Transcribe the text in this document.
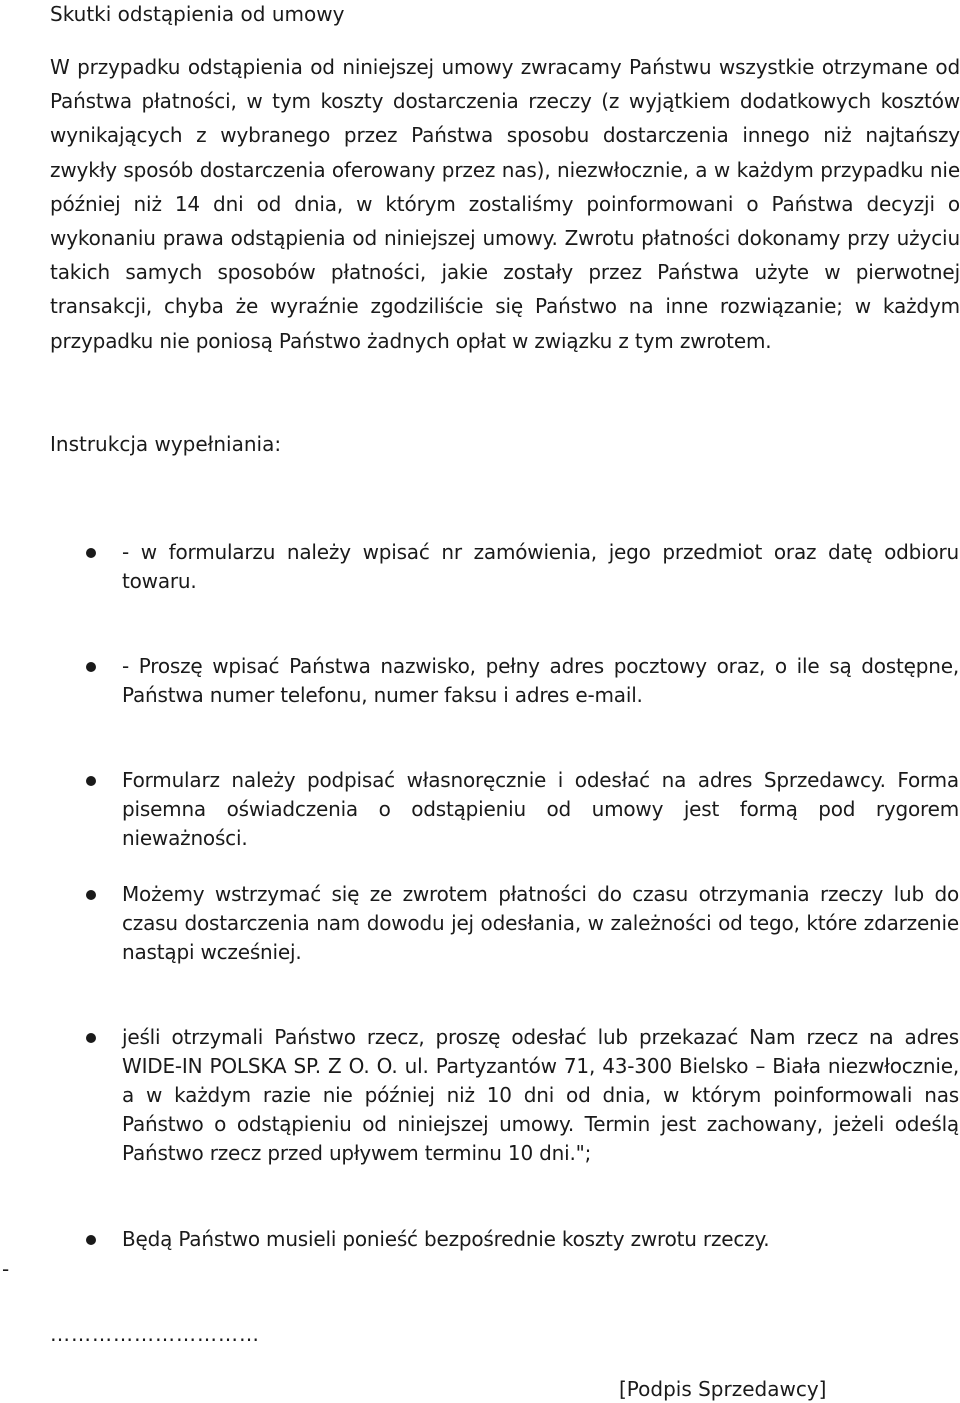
Skutki odstąpienia od umowy
W przypadku odstąpienia od niniejszej umowy zwracamy Państwu wszystkie otrzymane od Państwa płatności, w tym koszty dostarczenia rzeczy (z wyjątkiem dodatkowych kosztów wynikających z wybranego przez Państwa sposobu dostarczenia innego niż najtańszy zwykły sposób dostarczenia oferowany przez nas), niezwłocznie, a w każdym przypadku nie później niż 14 dni od dnia, w którym zostaliśmy poinformowani o Państwa decyzji o wykonaniu prawa odstąpienia od niniejszej umowy. Zwrotu płatności dokonamy przy użyciu takich samych sposobów płatności, jakie zostały przez Państwa użyte w pierwotnej transakcji, chyba że wyraźnie zgodziliście się Państwo na inne rozwiązanie; w każdym przypadku nie poniosą Państwo żadnych opłat w związku z tym zwrotem.
Instrukcja wypełniania:
- w formularzu należy wpisać nr zamówienia, jego przedmiot oraz datę odbioru towaru.
- Proszę wpisać Państwa nazwisko, pełny adres pocztowy oraz, o ile są dostępne, Państwa numer telefonu, numer faksu i adres e-mail.
Formularz należy podpisać własnoręcznie i odesłać na adres Sprzedawcy. Forma pisemna oświadczenia o odstąpieniu od umowy jest formą pod rygorem nieważności.
Możemy wstrzymać się ze zwrotem płatności do czasu otrzymania rzeczy lub do czasu dostarczenia nam dowodu jej odesłania, w zależności od tego, które zdarzenie nastąpi wcześniej.
jeśli otrzymali Państwo rzecz, proszę odesłać lub przekazać Nam rzecz na adres WIDE-IN POLSKA SP. Z O. O. ul. Partyzantów 71, 43-300 Bielsko – Biała niezwłocznie, a w każdym razie nie później niż 10 dni od dnia, w którym poinformowali nas Państwo o odstąpieniu od niniejszej umowy. Termin jest zachowany, jeżeli odeślą Państwo rzecz przed upływem terminu 10 dni.";
Będą Państwo musieli ponieść bezpośrednie koszty zwrotu rzeczy.
-
…………………………
[Podpis Sprzedawcy]
